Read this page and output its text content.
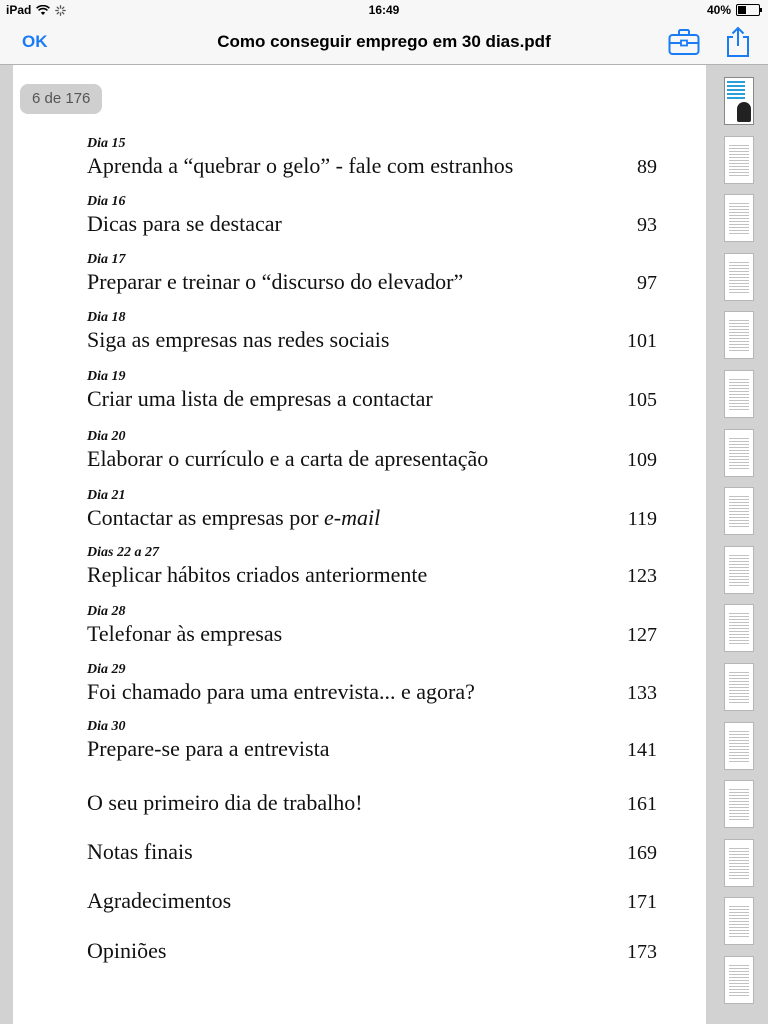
iPad	16:49	40%
OK	Como conseguir emprego em 30 dias.pdf
6 de 176
Dia 15
Aprenda a “quebrar o gelo” - fale com estranhos	89
Dia 16
Dicas para se destacar	93
Dia 17
Preparar e treinar o “discurso do elevador”	97
Dia 18
Siga as empresas nas redes sociais	101
Dia 19
Criar uma lista de empresas a contactar	105
Dia 20
Elaborar o currículo e a carta de apresentação	109
Dia 21
Contactar as empresas por e-mail	119
Dias 22 a 27
Replicar hábitos criados anteriormente	123
Dia 28
Telefonar às empresas	127
Dia 29
Foi chamado para uma entrevista... e agora?	133
Dia 30
Prepare-se para a entrevista	141
O seu primeiro dia de trabalho!	161
Notas finais	169
Agradecimentos	171
Opiniões	173
